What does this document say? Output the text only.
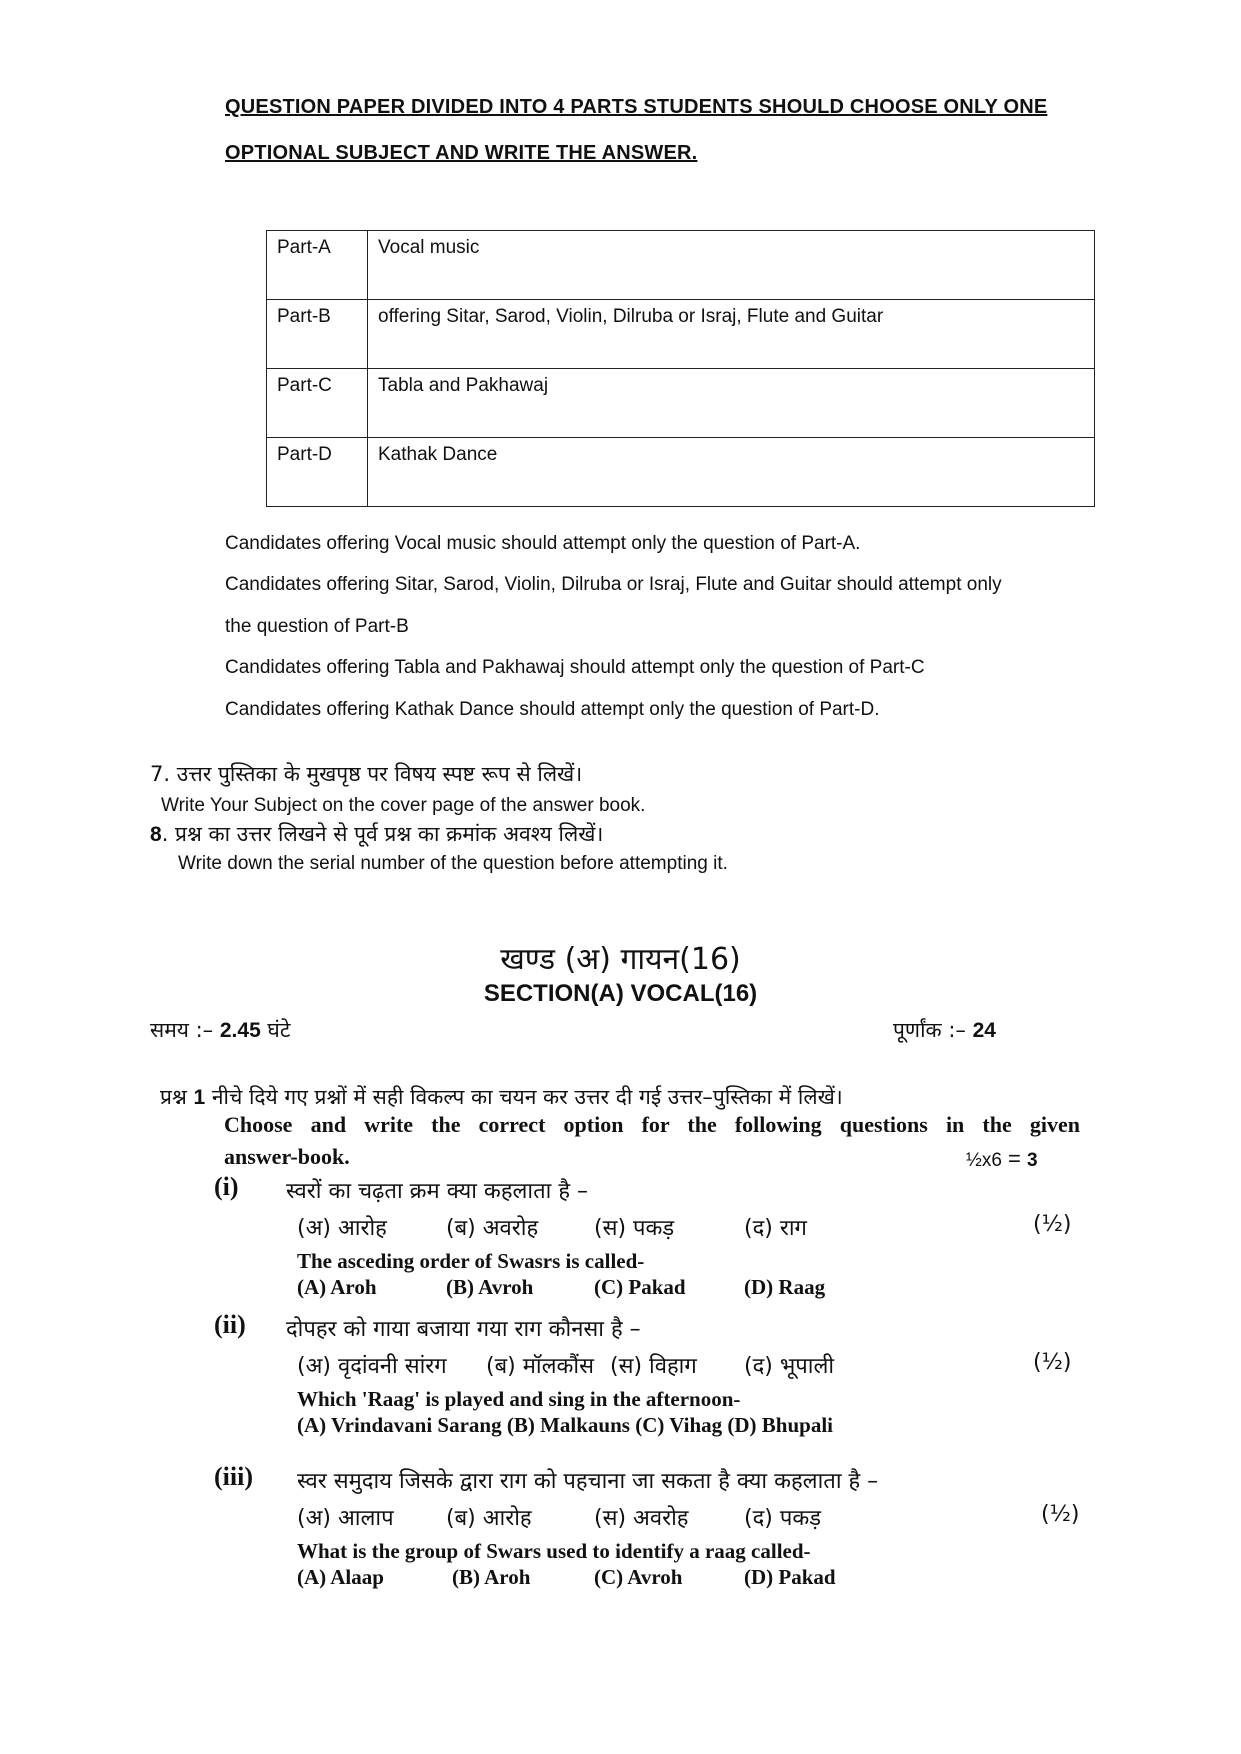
QUESTION PAPER DIVIDED INTO 4 PARTS STUDENTS SHOULD CHOOSE ONLY ONE
OPTIONAL SUBJECT AND WRITE THE ANSWER.
Part-A	Vocal music
Part-B	offering Sitar, Sarod, Violin, Dilruba or Israj, Flute and Guitar
Part-C	Tabla and Pakhawaj
Part-D	Kathak Dance
Candidates offering Vocal music should attempt only the question of Part-A.
Candidates offering Sitar, Sarod, Violin, Dilruba or Israj, Flute and Guitar should attempt only
the question of Part-B
Candidates offering Tabla and Pakhawaj should attempt only the question of Part-C
Candidates offering Kathak Dance should attempt only the question of Part-D.
7. उत्तर पुस्तिका के मुखपृष्ठ पर विषय स्पष्ट रूप से लिखें।
Write Your Subject on the cover page of the answer book.
8. प्रश्न का उत्तर लिखने से पूर्व प्रश्न का क्रमांक अवश्य लिखें।
Write down the serial number of the question before attempting it.
खण्ड (अ) गायन(16)
SECTION(A) VOCAL(16)
समय :– 2.45 घंटे	पूर्णांक :– 24
प्रश्न 1 नीचे दिये गए प्रश्नों में सही विकल्प का चयन कर उत्तर दी गई उत्तर–पुस्तिका में लिखें।
Choose and write the correct option for the following questions in the given
answer-book.	½x6 = 3
(i) स्वरों का चढ़ता क्रम क्या कहलाता है –
(अ) आरोह	(ब) अवरोह	(स) पकड़	(द) राग	(½)
The asceding order of Swasrs is called-
(A) Aroh	(B) Avroh	(C) Pakad	(D) Raag
(ii) दोपहर को गाया बजाया गया राग कौनसा है –
(अ) वृदांवनी सांरग (ब) मॉलकौंस (स) विहाग (द) भूपाली	(½)
Which 'Raag' is played and sing in the afternoon-
(A) Vrindavani Sarang (B) Malkauns (C) Vihag (D) Bhupali
(iii) स्वर समुदाय जिसके द्वारा राग को पहचाना जा सकता है क्या कहलाता है –
(अ) आलाप (ब) आरोह	(स) अवरोह	(द) पकड़	(½)
What is the group of Swars used to identify a raag called-
(A) Alaap	(B) Aroh	(C) Avroh	(D) Pakad
